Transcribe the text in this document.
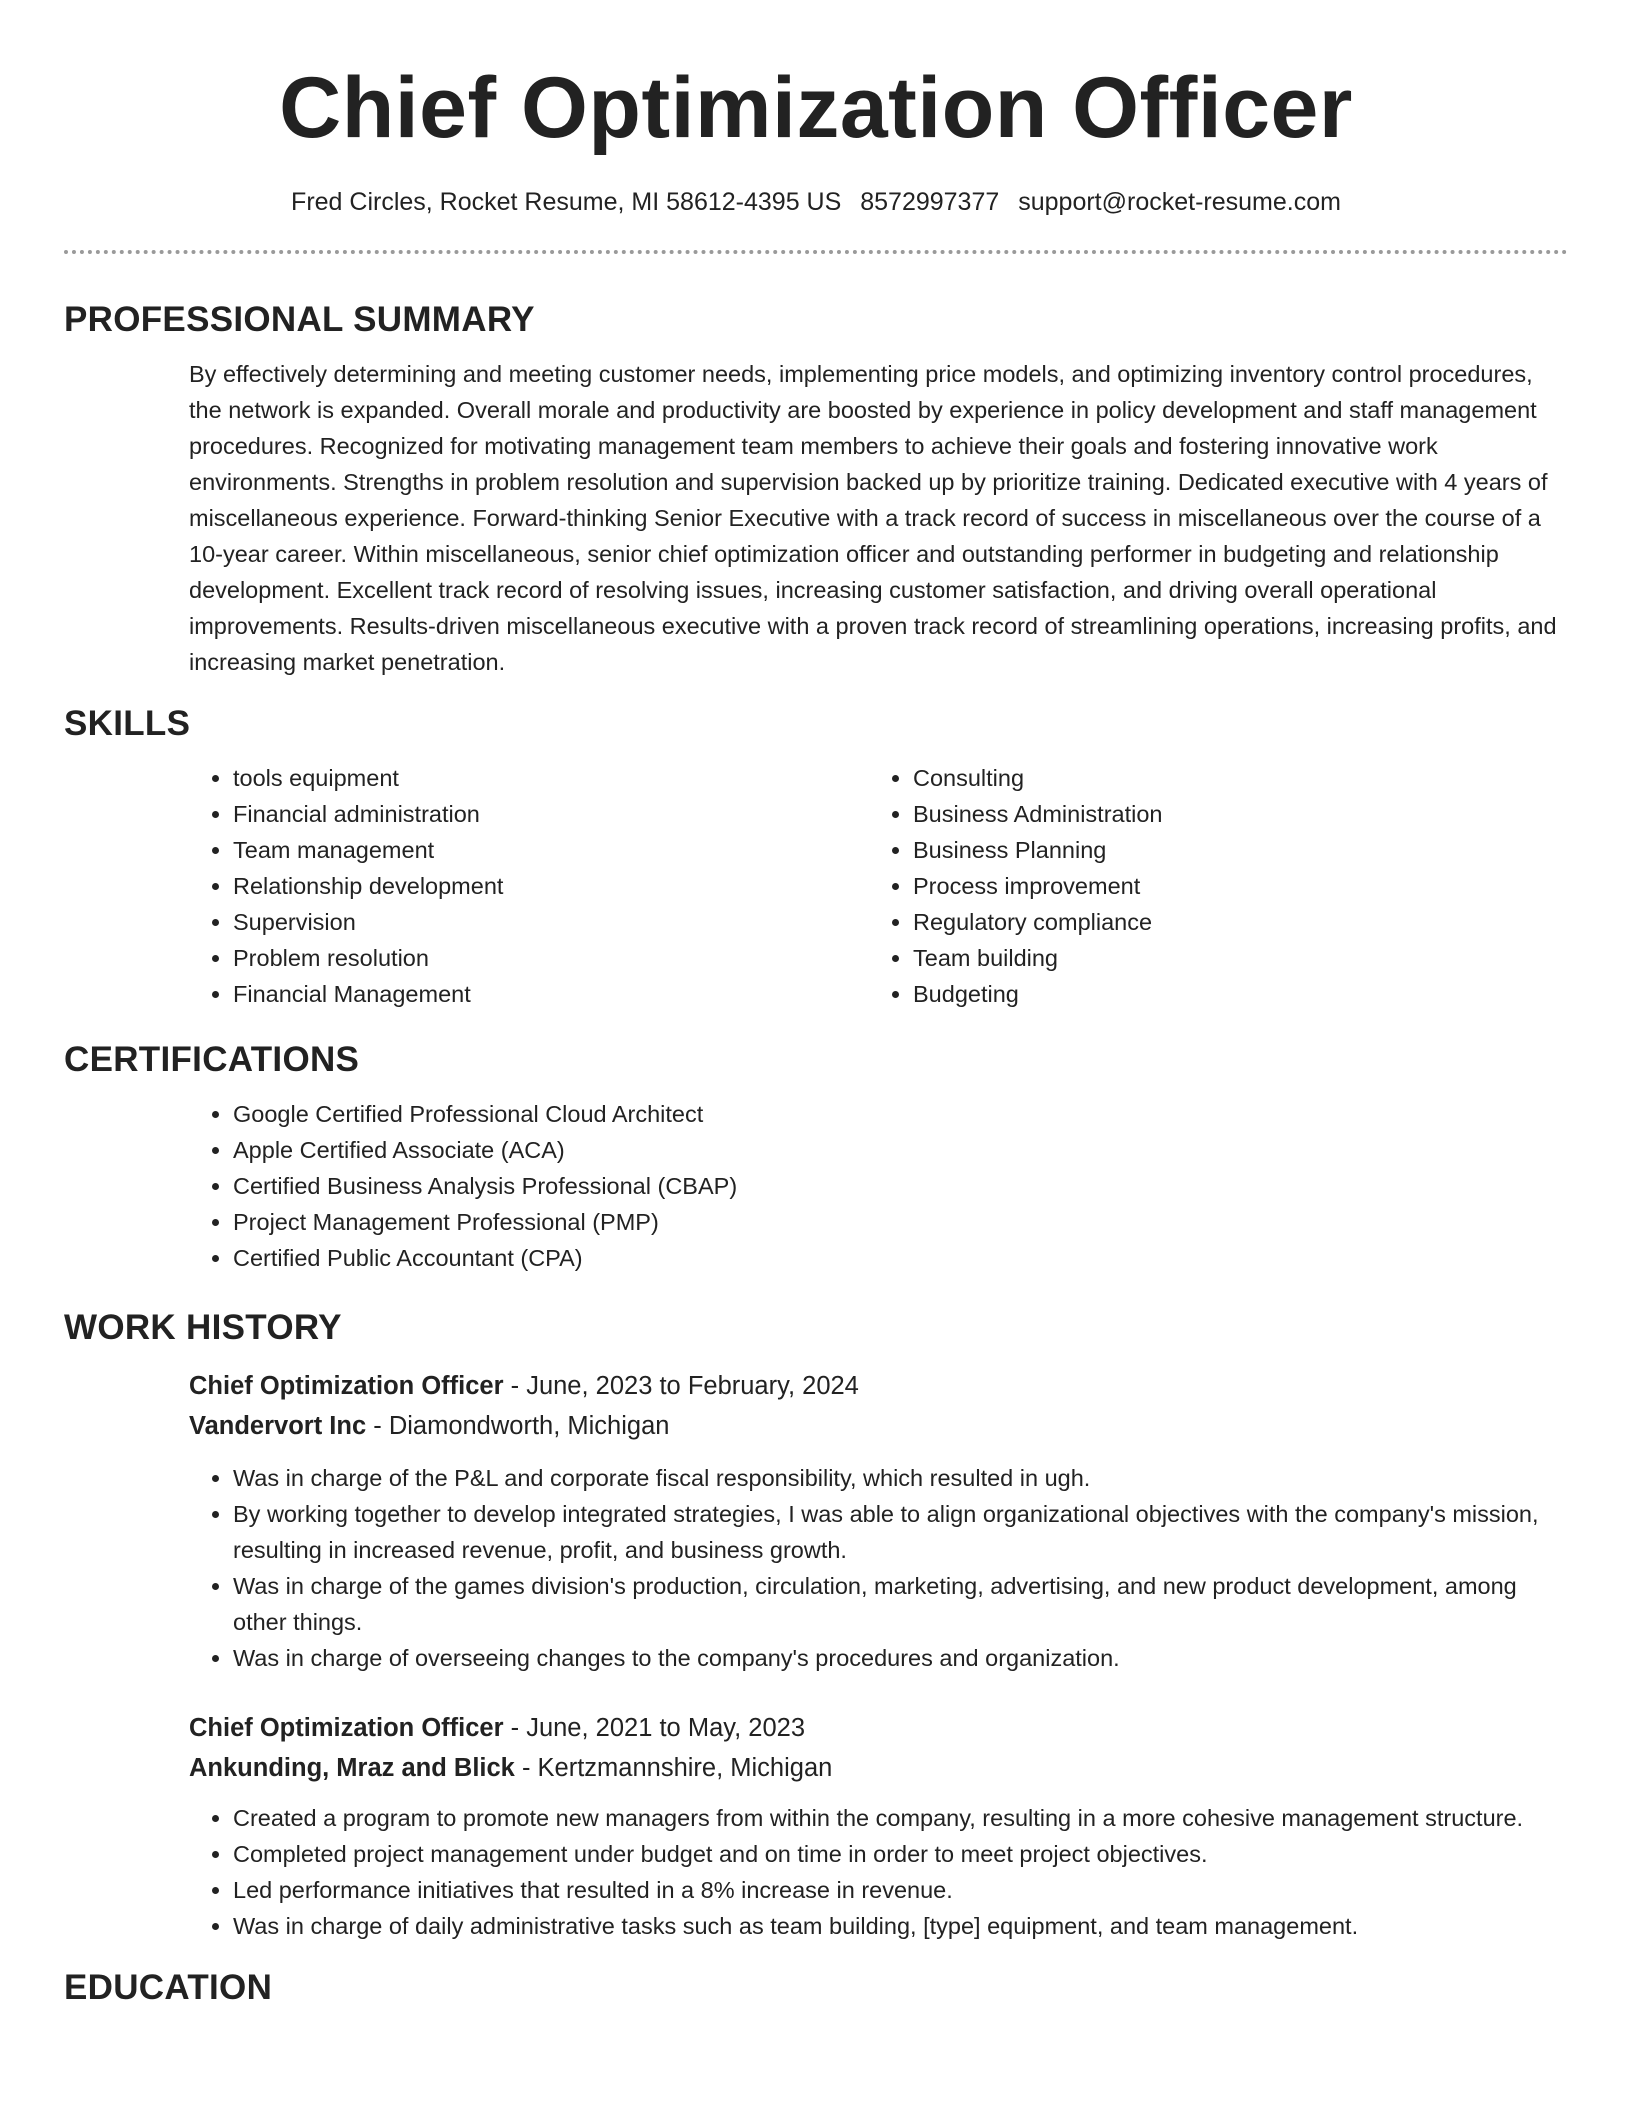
Chief Optimization Officer
Fred Circles, Rocket Resume, MI 58612-4395 US 8572997377 support@rocket-resume.com
PROFESSIONAL SUMMARY

By effectively determining and meeting customer needs, implementing price models, and optimizing inventory control procedures, the network is expanded. Overall morale and productivity are boosted by experience in policy development and staff management procedures. Recognized for motivating management team members to achieve their goals and fostering innovative work environments. Strengths in problem resolution and supervision backed up by prioritize training. Dedicated executive with 4 years of miscellaneous experience. Forward-thinking Senior Executive with a track record of success in miscellaneous over the course of a 10-year career. Within miscellaneous, senior chief optimization officer and outstanding performer in budgeting and relationship development. Excellent track record of resolving issues, increasing customer satisfaction, and driving overall operational improvements. Results-driven miscellaneous executive with a proven track record of streamlining operations, increasing profits, and increasing market penetration.

SKILLS
• tools equipment
• Financial administration
• Team management
• Relationship development
• Supervision
• Problem resolution
• Financial Management
• Consulting
• Business Administration
• Business Planning
• Process improvement
• Regulatory compliance
• Team building
• Budgeting
CERTIFICATIONS
• Google Certified Professional Cloud Architect
• Apple Certified Associate (ACA)
• Certified Business Analysis Professional (CBAP)
• Project Management Professional (PMP)
• Certified Public Accountant (CPA)
WORK HISTORY
Chief Optimization Officer - June, 2023 to February, 2024
Vandervort Inc - Diamondworth, Michigan
• Was in charge of the P&L and corporate fiscal responsibility, which resulted in ugh.
• By working together to develop integrated strategies, I was able to align organizational objectives with the company's mission, resulting in increased revenue, profit, and business growth.
• Was in charge of the games division's production, circulation, marketing, advertising, and new product development, among other things.
• Was in charge of overseeing changes to the company's procedures and organization.
Chief Optimization Officer - June, 2021 to May, 2023
Ankunding, Mraz and Blick - Kertzmannshire, Michigan
• Created a program to promote new managers from within the company, resulting in a more cohesive management structure.
• Completed project management under budget and on time in order to meet project objectives.
• Led performance initiatives that resulted in a 8% increase in revenue.
• Was in charge of daily administrative tasks such as team building, [type] equipment, and team management.
EDUCATION
